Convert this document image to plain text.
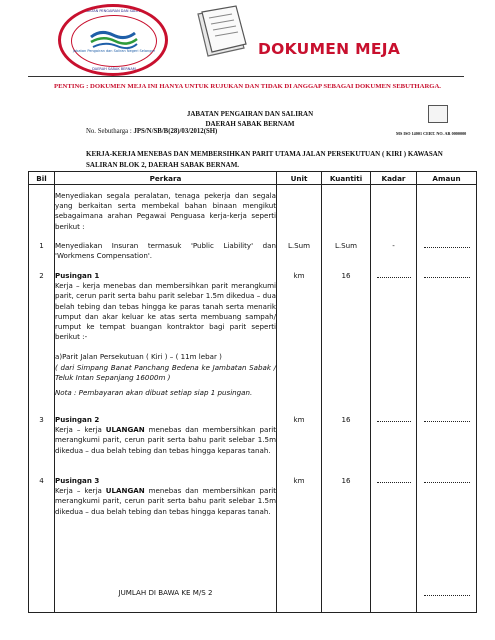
JABATAN PENGAIRAN DAN SALIRAN
Jabatan Pengairan dan Saliran Negeri Selangor
DAERAH SABAK BERNAM
DOKUMEN MEJA
PENTING : DOKUMEN MEJA INI HANYA UNTUK RUJUKAN DAN TIDAK DI ANGGAP SEBAGAI DOKUMEN SEBUTHARGA.
JABATAN PENGAIRAN DAN SALIRAN
DAERAH SABAK BERNAM
No. Sebutharga : JPS/N/SB/B(28)/03/2012(SH)	MS ISO 14001 CERT. NO. AR 0000000
KERJA-KERJA MENEBAS DAN MEMBERSIHKAN PARIT UTAMA JALAN PERSEKUTUAN ( KIRI ) KAWASAN SALIRAN BLOK 2, DAERAH SABAK BERNAM.
Bil	Perkara	Unit	Kuantiti	Kadar	Amaun
	Menyediakan segala peralatan, tenaga pekerja dan segala yang berkaitan serta membekal bahan binaan mengikut sebagaimana arahan Pegawai Penguasa kerja-kerja seperti berikut :				
1	Menyediakan Insuran termasuk 'Public Liability' dan 'Workmens Compensation'.	L.Sum	L.Sum	-	
2	Pusingan 1
Kerja – kerja menebas dan membersihkan parit merangkumi parit, cerun parit serta bahu parit selebar 1.5m dikedua – dua belah tebing dan tebas hingga ke paras tanah serta menarik rumput dan akar keluar ke atas serta membuang sampah/ rumput ke tempat buangan kontraktor bagi parit seperti berikut :-
a)Parit Jalan Persekutuan ( Kiri ) – ( 11m lebar )
( dari Simpang Banat Panchang Bedena ke Jambatan Sabak / Teluk Intan Sepanjang 16000m )
Nota : Pembayaran akan dibuat setiap siap 1 pusingan.	km	16		
3	Pusingan 2
Kerja – kerja ULANGAN menebas dan membersihkan parit merangkumi parit, cerun parit serta bahu parit selebar 1.5m dikedua – dua belah tebing dan tebas hingga keparas tanah.	km	16		
4	Pusingan 3
Kerja – kerja ULANGAN menebas dan membersihkan parit merangkumi parit, cerun parit serta bahu parit selebar 1.5m dikedua – dua belah tebing dan tebas hingga keparas tanah.	km	16		
	JUMLAH DI BAWA KE M/S 2				
